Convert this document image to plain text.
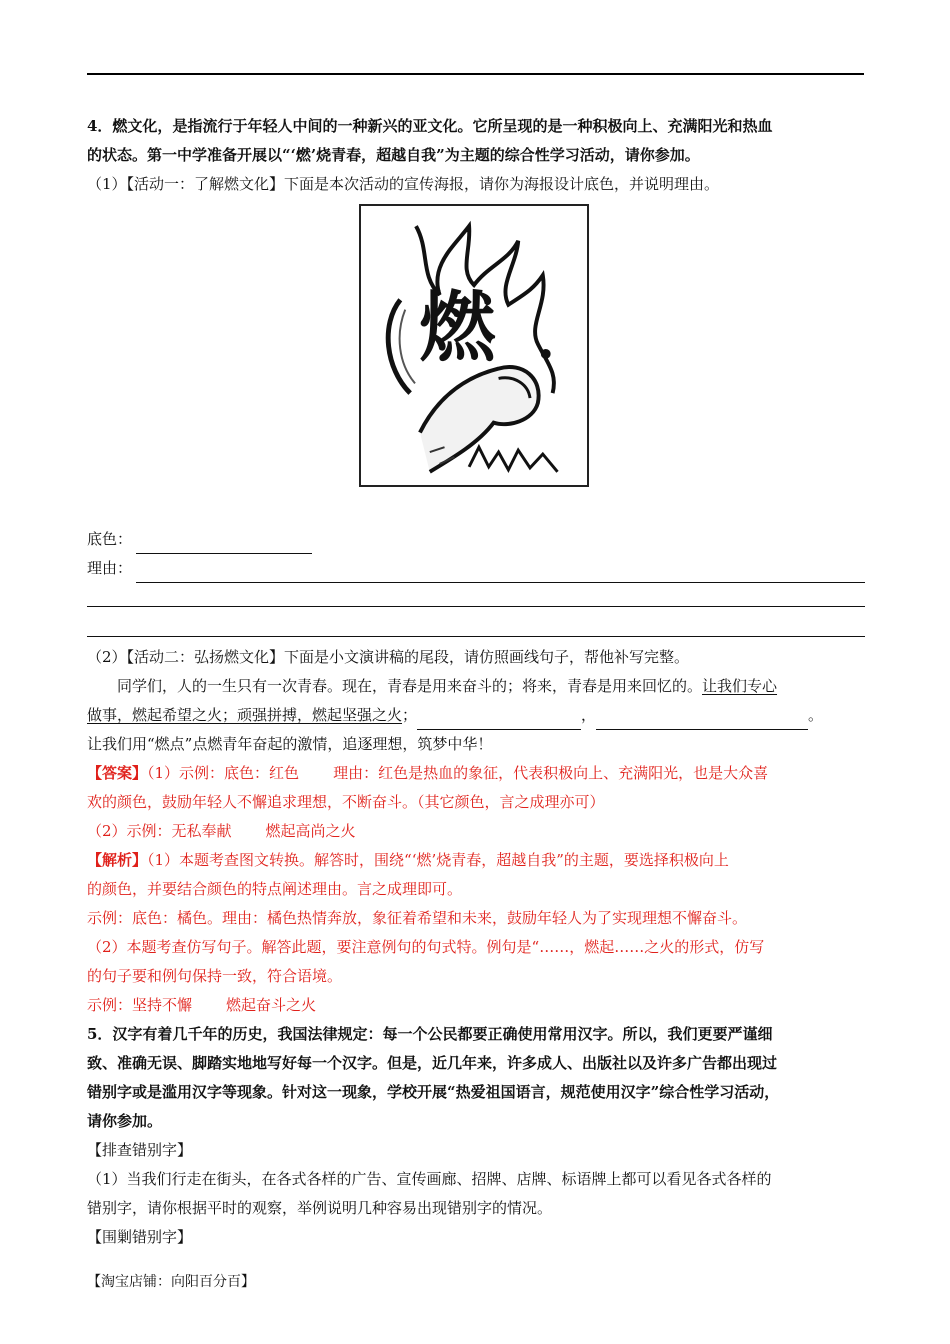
4．燃文化，是指流行于年轻人中间的一种新兴的亚文化。它所呈现的是一种积极向上、充满阳光和热血
的状态。第一中学准备开展以“‘燃’烧青春，超越自我”为主题的综合性学习活动，请你参加。
（1）【活动一：了解燃文化】下面是本次活动的宣传海报，请你为海报设计底色，并说明理由。
燃
底色：
理由：
（2）【活动二：弘扬燃文化】下面是小文演讲稿的尾段，请仿照画线句子，帮他补写完整。
同学们，人的一生只有一次青春。现在，青春是用来奋斗的；将来，青春是用来回忆的。让我们专心
做事，燃起希望之火；顽强拼搏，燃起坚强之火；	，	。
让我们用“燃点”点燃青年奋起的激情，追逐理想，筑梦中华！
【答案】（1）示例：底色：红色 理由：红色是热血的象征，代表积极向上、充满阳光，也是大众喜
欢的颜色，鼓励年轻人不懈追求理想，不断奋斗。（其它颜色，言之成理亦可）
（2）示例：无私奉献 燃起高尚之火
【解析】（1）本题考查图文转换。解答时，围绕“‘燃’烧青春，超越自我”的主题，要选择积极向上
的颜色，并要结合颜色的特点阐述理由。言之成理即可。
示例：底色：橘色。理由：橘色热情奔放，象征着希望和未来，鼓励年轻人为了实现理想不懈奋斗。
（2）本题考查仿写句子。解答此题，要注意例句的句式特。例句是“……，燃起……之火的形式，仿写
的句子要和例句保持一致，符合语境。
示例：坚持不懈 燃起奋斗之火
5．汉字有着几千年的历史，我国法律规定：每一个公民都要正确使用常用汉字。所以，我们更要严谨细
致、准确无误、脚踏实地地写好每一个汉字。但是，近几年来，许多成人、出版社以及许多广告都出现过
错别字或是滥用汉字等现象。针对这一现象，学校开展“热爱祖国语言，规范使用汉字”综合性学习活动，
请你参加。
【排查错别字】
（1）当我们行走在街头，在各式各样的广告、宣传画廊、招牌、店牌、标语牌上都可以看见各式各样的
错别字，请你根据平时的观察，举例说明几种容易出现错别字的情况。
【围剿错别字】
【淘宝店铺：向阳百分百】
